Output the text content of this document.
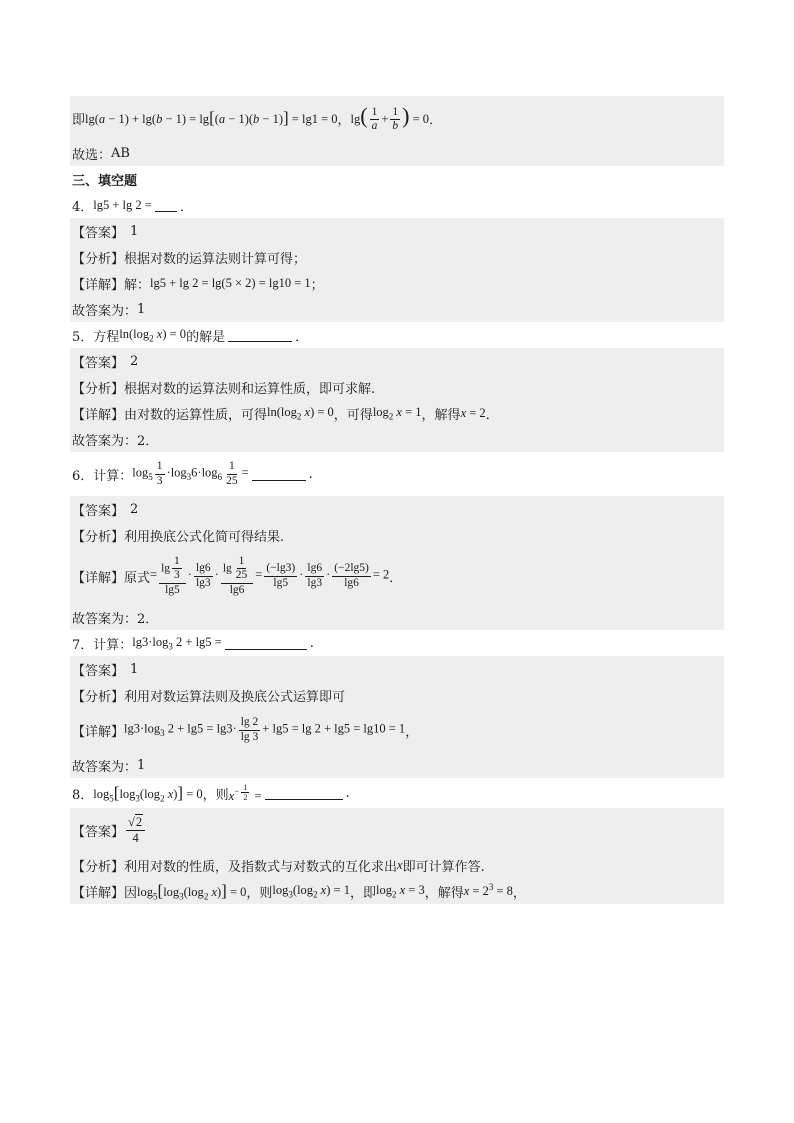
即 lg(a − 1) + lg(b − 1) = lg[(a − 1)(b − 1)] = lg1 = 0 ， $\lg( \frac{1}{a} + \frac{1}{b}$ ) = 0 ．
故选： AB
三、填空题
4． lg5 + lg 2 = ．
【答案】 1
【分析】 根据对数的运算法则计算可得；
【详解】 解： lg5 + lg 2 = lg(5 × 2) = lg10 = 1 ；
故答案为： 1
5． 方程 $\ln(\log_2$ x) = 0 的解是	．
【答案】 2
【分析】 根据对数的运算法则和运算性质，即可求解.
【详解】 由对数的运算性质，可得 $\ln(\log_2$ x) = 0 ，可得 $\log_2 x = 1$ ，解得 x = 2 ．
故答案为： 2．
6． 计算： $\log_5 \frac{1}{3} \cdot\log_36\cdot\log_6 \frac{1}{25}$ =	.
【答案】 2
【分析】 利用换底公式化简可得结果.
【详解】 原式 = $\frac{\lg \frac{1}{3}}{\lg 5} \cdot \frac{\lg 6}{\lg 3} \cdot \frac{\lg \frac{1}{25}}{\lg 6} = \frac{(-\lg 3)}{\lg 5} \cdot \frac{\lg 6}{\lg 3} \cdot \frac{(-2\lg 5)}{\lg 6} = 2$ ．
故答案为： 2．
7． 计算： $\lg 3\cdot\log_3$ 2 + lg5 =	.
【答案】 1
【分析】 利用对数运算法则及换底公式运算即可
【详解】 $\lg 3\cdot\log_3$ $2 + \lg 5 = \lg 3\cdot \frac{\lg 2}{\lg 3} + \lg 5 = \lg 2 + \lg 5 = \lg 10 = 1$ ，
故答案为： 1
8． $\log_5[\log_3(\log_2$ x)] = 0 ，则 $x^{- \frac{1}{2}}$ =	.
【答案】 $\frac{√2}{4}$
【分析】 利用对数的性质，及指数式与对数式的互化求出 x 即可计算作答.
【详解】 因 $\log_5[\log_3(\log_2$ x)] = 0 ，则 $\log_3(\log_2$ x) = 1 ，即 $\log_2 x = 3$ ，解得 $x = 2^3 = 8$ ，
